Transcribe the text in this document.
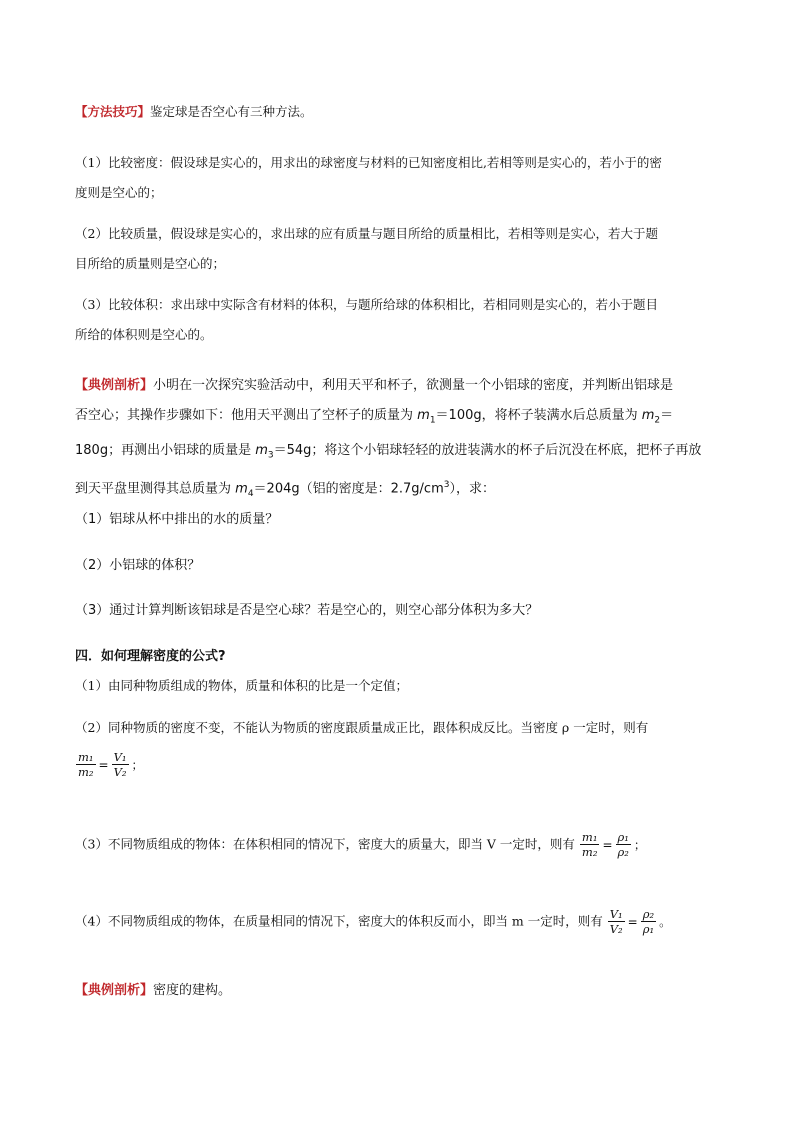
【方法技巧】鉴定球是否空心有三种方法。

（1）比较密度：假设球是实心的，用求出的球密度与材料的已知密度相比,若相等则是实心的，若小于的密
度则是空心的；

（2）比较质量，假设球是实心的，求出球的应有质量与题目所给的质量相比，若相等则是实心，若大于题
目所给的质量则是空心的；

（3）比较体积：求出球中实际含有材料的体积，与题所给球的体积相比，若相同则是实心的，若小于题目
所给的体积则是空心的。

【典例剖析】小明在一次探究实验活动中，利用天平和杯子，欲测量一个小铝球的密度，并判断出铝球是
否空心；其操作步骤如下：他用天平测出了空杯子的质量为 $m_1=100g$，将杯子装满水后总质量为 $m_2=$
180g；再测出小铝球的质量是 $m_3=54g$；将这个小铝球轻轻的放进装满水的杯子后沉没在杯底，把杯子再放
到天平盘里测得其总质量为 $m_4=204g$（铝的密度是：$2.7g/cm^3$），求：

（1）铝球从杯中排出的水的质量？

（2）小铝球的体积？

（3）通过计算判断该铝球是否是空心球？若是空心的，则空心部分体积为多大？

四．如何理解密度的公式?

（1）由同种物质组成的物体，质量和体积的比是一个定值；

（2）同种物质的密度不变，不能认为物质的密度跟质量成正比，跟体积成反比。当密度 ρ 一定时，则有

$\frac{\text{m₁}}{\text{m₂}} = \frac{\text{V₁}}{\text{V₂}}$ ；
（3）不同物质组成的物体：在体积相同的情况下，密度大的质量大，即当 V 一定时，则有 $\frac{\text{m₁}}{\text{m₂}} = \frac{\text{ρ₁}}{\text{ρ₂}}$ ；
（4）不同物质组成的物体，在质量相同的情况下，密度大的体积反而小，即当 m 一定时，则有 $\frac{\text{V₁}}{\text{V₂}} = \frac{\text{ρ₂}}{\text{ρ₁}}$ 。

【典例剖析】密度的建构。
